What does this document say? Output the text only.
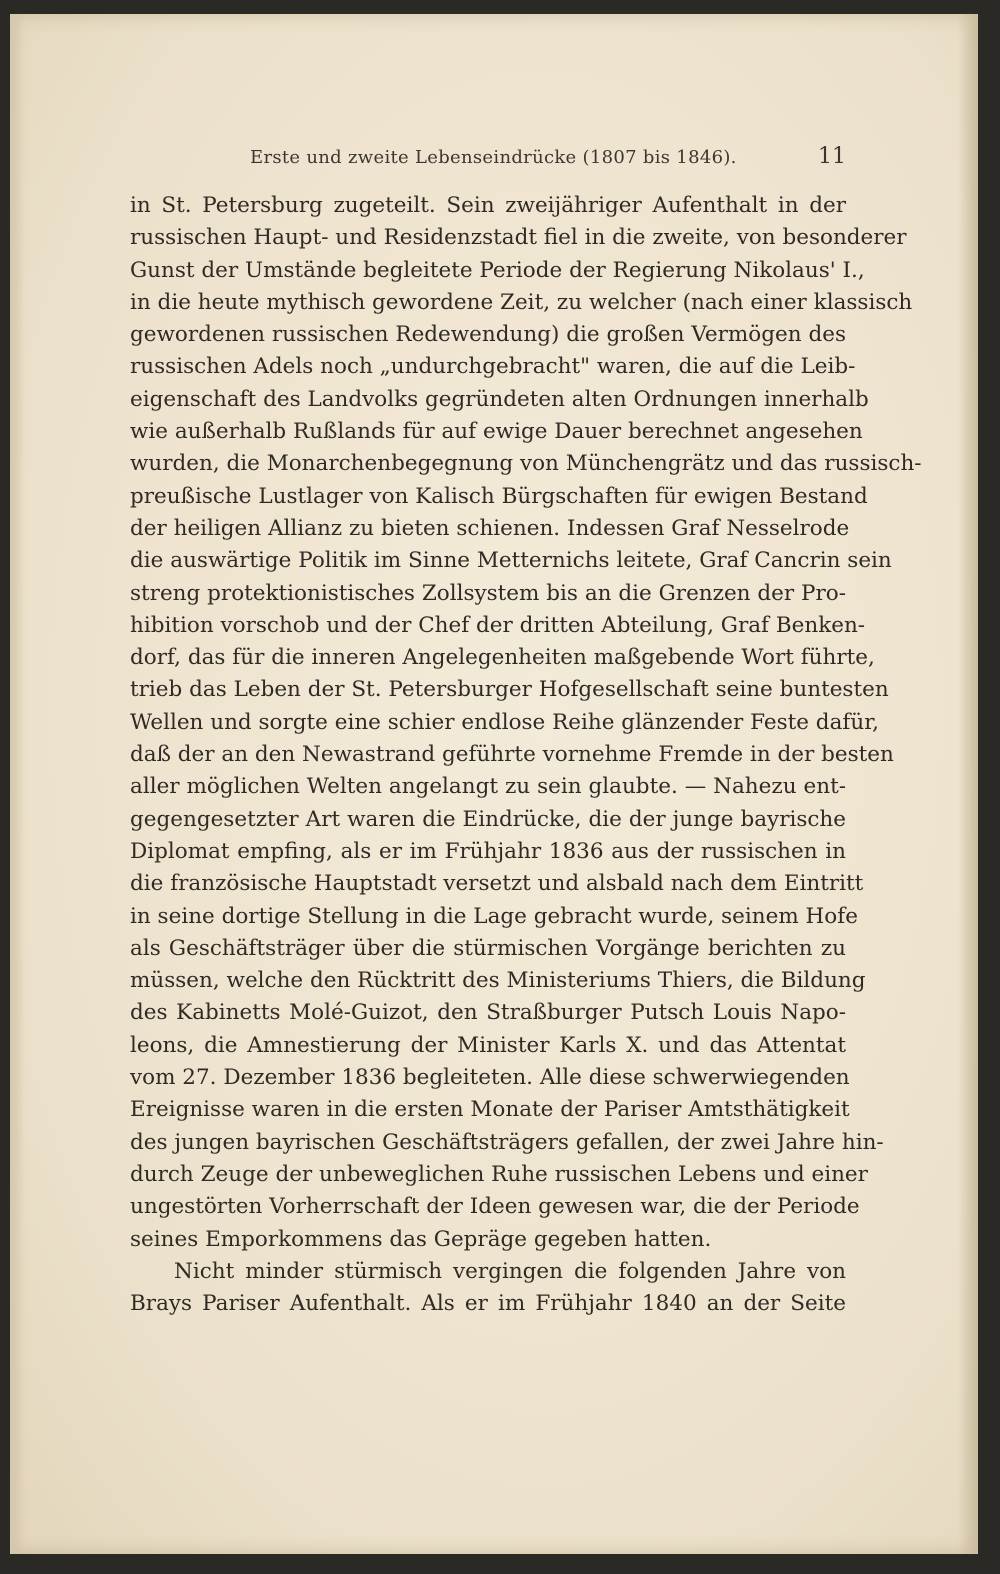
Erste und zweite Lebenseindrücke (1807 bis 1846).	11
in St. Petersburg zugeteilt. Sein zweijähriger Aufenthalt in der
russischen Haupt- und Residenzstadt fiel in die zweite, von besonderer
Gunst der Umstände begleitete Periode der Regierung Nikolaus' I.,
in die heute mythisch gewordene Zeit, zu welcher (nach einer klassisch
gewordenen russischen Redewendung) die großen Vermögen des
russischen Adels noch „undurchgebracht" waren, die auf die Leib-
eigenschaft des Landvolks gegründeten alten Ordnungen innerhalb
wie außerhalb Rußlands für auf ewige Dauer berechnet angesehen
wurden, die Monarchenbegegnung von Münchengrätz und das russisch-
preußische Lustlager von Kalisch Bürgschaften für ewigen Bestand
der heiligen Allianz zu bieten schienen. Indessen Graf Nesselrode
die auswärtige Politik im Sinne Metternichs leitete, Graf Cancrin sein
streng protektionistisches Zollsystem bis an die Grenzen der Pro-
hibition vorschob und der Chef der dritten Abteilung, Graf Benken-
dorf, das für die inneren Angelegenheiten maßgebende Wort führte,
trieb das Leben der St. Petersburger Hofgesellschaft seine buntesten
Wellen und sorgte eine schier endlose Reihe glänzender Feste dafür,
daß der an den Newastrand geführte vornehme Fremde in der besten
aller möglichen Welten angelangt zu sein glaubte. — Nahezu ent-
gegengesetzter Art waren die Eindrücke, die der junge bayrische
Diplomat empfing, als er im Frühjahr 1836 aus der russischen in
die französische Hauptstadt versetzt und alsbald nach dem Eintritt
in seine dortige Stellung in die Lage gebracht wurde, seinem Hofe
als Geschäftsträger über die stürmischen Vorgänge berichten zu
müssen, welche den Rücktritt des Ministeriums Thiers, die Bildung
des Kabinetts Molé-Guizot, den Straßburger Putsch Louis Napo-
leons, die Amnestierung der Minister Karls X. und das Attentat
vom 27. Dezember 1836 begleiteten. Alle diese schwerwiegenden
Ereignisse waren in die ersten Monate der Pariser Amtsthätigkeit
des jungen bayrischen Geschäftsträgers gefallen, der zwei Jahre hin-
durch Zeuge der unbeweglichen Ruhe russischen Lebens und einer
ungestörten Vorherrschaft der Ideen gewesen war, die der Periode
seines Emporkommens das Gepräge gegeben hatten.
Nicht minder stürmisch vergingen die folgenden Jahre von
Brays Pariser Aufenthalt. Als er im Frühjahr 1840 an der Seite
